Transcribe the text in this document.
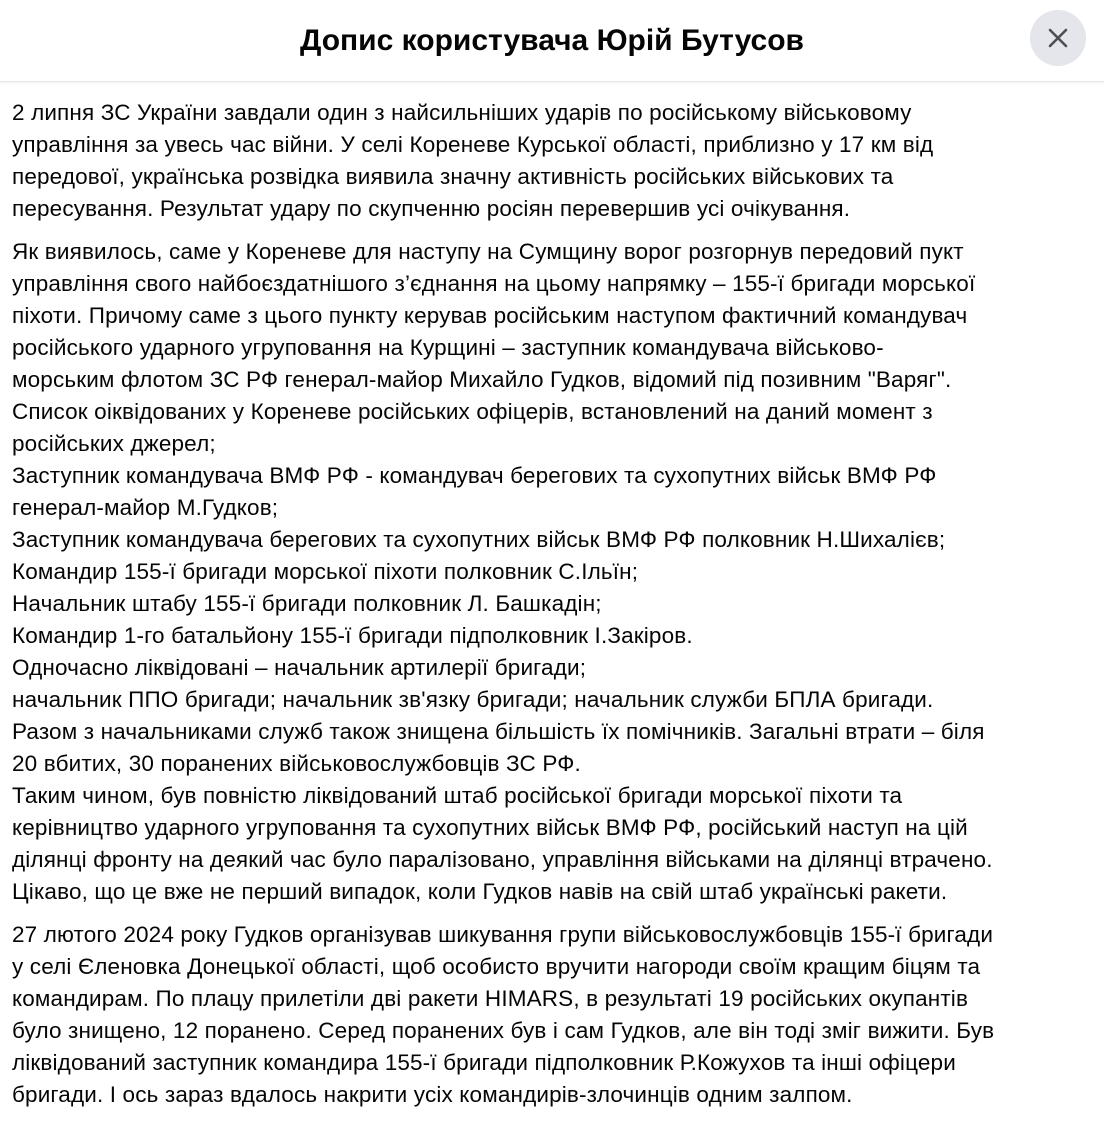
Допис користувача Юрій Бутусов

2 липня ЗС України завдали один з найсильніших ударів по російському військовому
управління за увесь час війни. У селі Кореневе Курської області, приблизно у 17 км від
передової, українська розвідка виявила значну активність російських військових та
пересування. Результат удару по скупченню росіян перевершив усі очікування.

Як виявилось, саме у Кореневе для наступу на Сумщину ворог розгорнув передовий пукт
управління свого найбоєздатнішого з’єднання на цьому напрямку – 155-ї бригади морської
піхоти. Причому саме з цього пункту керував російським наступом фактичний командувач
російського ударного угруповання на Курщині – заступник командувача військово-
морським флотом ЗС РФ генерал-майор Михайло Гудков, відомий під позивним "Варяг".
Список оіквідованих у Кореневе російських офіцерів, встановлений на даний момент з
російських джерел;
Заступник командувача ВМФ РФ - командувач берегових та сухопутних військ ВМФ РФ
генерал-майор М.Гудков;
Заступник командувача берегових та сухопутних військ ВМФ РФ полковник Н.Шихалієв;
Командир 155-ї бригади морської піхоти полковник С.Ільїн;
Начальник штабу 155-ї бригади полковник Л. Башкадін;
Командир 1-го батальйону 155-ї бригади підполковник І.Закіров.
Одночасно ліквідовані – начальник артилерії бригади;
начальник ППО бригади; начальник зв'язку бригади; начальник служби БПЛА бригади.
Разом з начальниками служб також знищена більшість їх помічників. Загальні втрати – біля
20 вбитих, 30 поранених військовослужбовців ЗС РФ.
Таким чином, був повністю ліквідований штаб російської бригади морської піхоти та
керівництво ударного угруповання та сухопутних військ ВМФ РФ, російський наступ на цій
ділянці фронту на деякий час було паралізовано, управління військами на ділянці втрачено.
Цікаво, що це вже не перший випадок, коли Гудков навів на свій штаб українські ракети.

27 лютого 2024 року Гудков організував шикування групи військовослужбовців 155-ї бригади
у селі Єленовка Донецької області, щоб особисто вручити нагороди своїм кращим біцям та
командирам. По плацу прилетіли дві ракети HIMARS, в результаті 19 російських окупантів
було знищено, 12 поранено. Серед поранених був і сам Гудков, але він тоді зміг вижити. Був
ліквідований заступник командира 155-ї бригади підполковник Р.Кожухов та інші офіцери
бригади. І ось зараз вдалось накрити усіх командирів-злочинців одним залпом.
